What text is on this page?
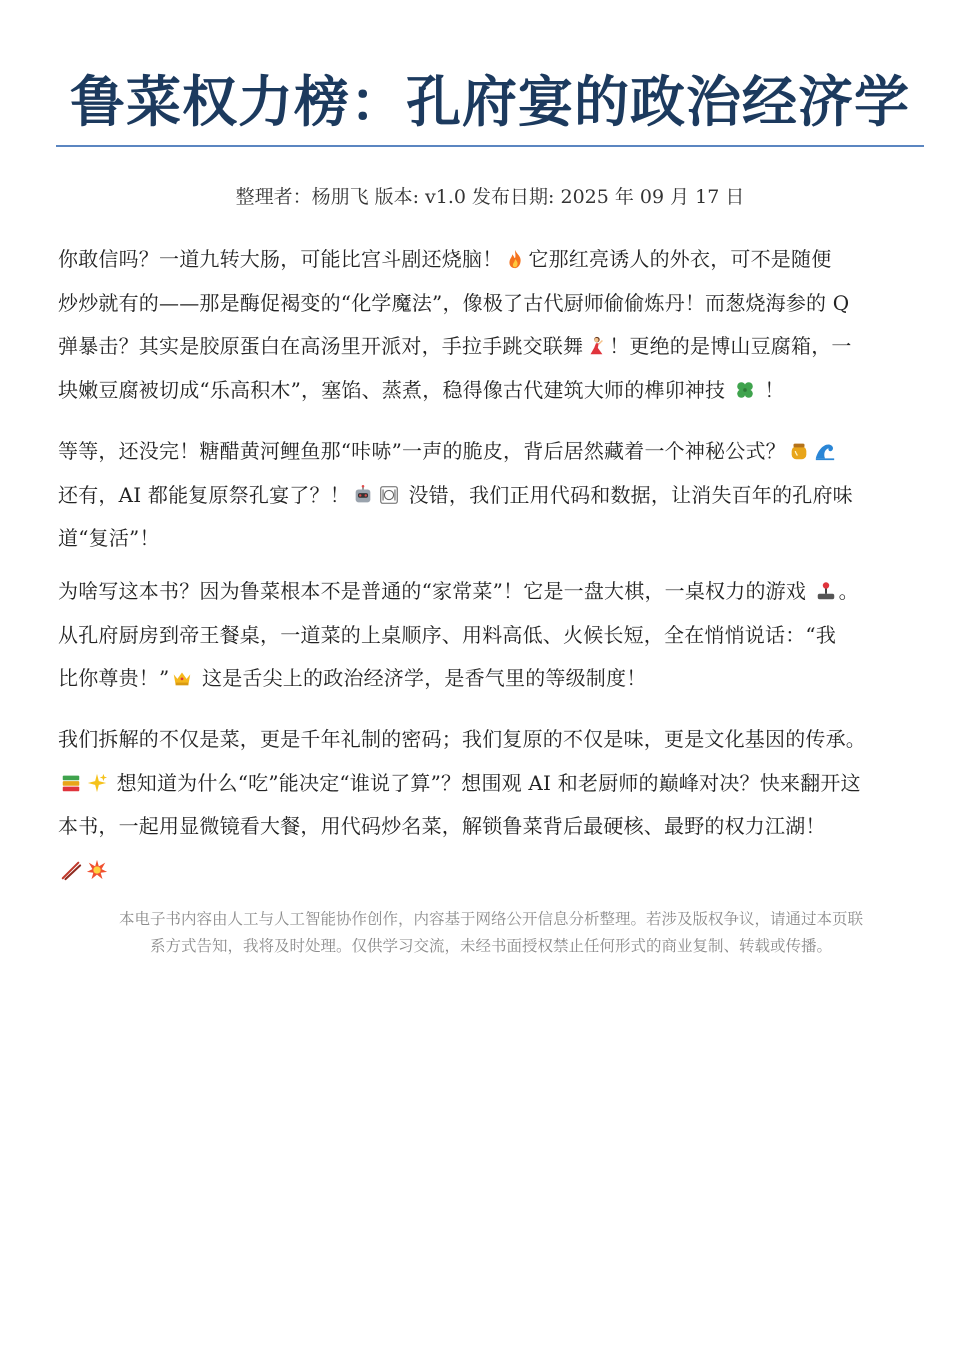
鲁菜权力榜：孔府宴的政治经济学
整理者：杨朋飞 版本: v1.0 发布日期: 2025 年 09 月 17 日
你敢信吗？一道九转大肠，可能比宫斗剧还烧脑！ 它那红亮诱人的外衣，可不是随便
炒炒就有的——那是酶促褐变的“化学魔法”，像极了古代厨师偷偷炼丹！而葱烧海参的 Q
弹暴击？其实是胶原蛋白在高汤里开派对，手拉手跳交联舞 ！更绝的是博山豆腐箱，一
块嫩豆腐被切成“乐高积木”，塞馅、蒸煮，稳得像古代建筑大师的榫卯神技 ！
等等，还没完！糖醋黄河鲤鱼那“咔哧”一声的脆皮，背后居然藏着一个神秘公式？
还有，AI 都能复原祭孔宴了？！	没错，我们正用代码和数据，让消失百年的孔府味
道“复活”！
为啥写这本书？因为鲁菜根本不是普通的“家常菜”！它是一盘大棋，一桌权力的游戏 。
从孔府厨房到帝王餐桌，一道菜的上桌顺序、用料高低、火候长短，全在悄悄说话：“我
比你尊贵！” 这是舌尖上的政治经济学，是香气里的等级制度！
我们拆解的不仅是菜，更是千年礼制的密码；我们复原的不仅是味，更是文化基因的传承。
想知道为什么“吃”能决定“谁说了算”？想围观 AI 和老厨师的巅峰对决？快来翻开这
本书，一起用显微镜看大餐，用代码炒名菜，解锁鲁菜背后最硬核、最野的权力江湖！
本电子书内容由人工与人工智能协作创作，内容基于网络公开信息分析整理。若涉及版权争议，请通过本页联
系方式告知，我将及时处理。仅供学习交流，未经书面授权禁止任何形式的商业复制、转载或传播。
